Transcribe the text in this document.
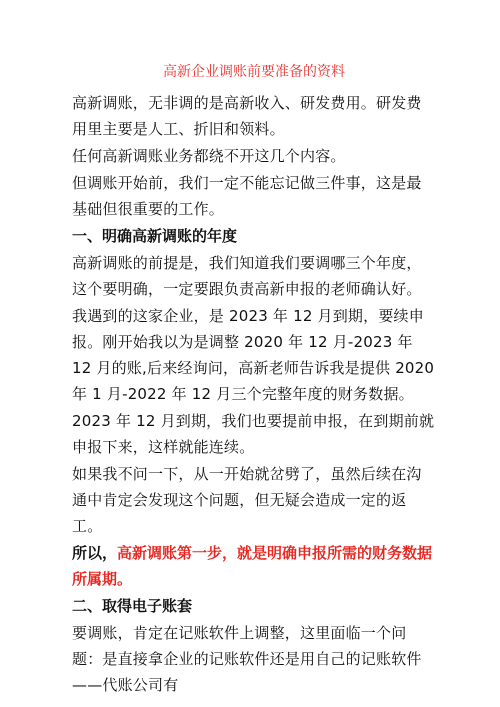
高新企业调账前要准备的资料

高新调账，无非调的是高新收入、研发费用。研发费用里主要是人工、折旧和领料。

任何高新调账业务都绕不开这几个内容。

但调账开始前，我们一定不能忘记做三件事，这是最基础但很重要的工作。

一、明确高新调账的年度

高新调账的前提是，我们知道我们要调哪三个年度，这个要明确，一定要跟负责高新申报的老师确认好。

我遇到的这家企业，是 2023 年 12 月到期，要续申报。刚开始我以为是调整 2020 年 12 月-2023 年 12 月的账,后来经询问，高新老师告诉我是提供 2020 年 1 月-2022 年 12 月三个完整年度的财务数据。

2023 年 12 月到期，我们也要提前申报，在到期前就申报下来，这样就能连续。

如果我不问一下，从一开始就岔劈了，虽然后续在沟通中肯定会发现这个问题，但无疑会造成一定的返工。

所以，高新调账第一步，就是明确申报所需的财务数据所属期。

二、取得电子账套

要调账，肯定在记账软件上调整，这里面临一个问题：是直接拿企业的记账软件还是用自己的记账软件——代账公司有
